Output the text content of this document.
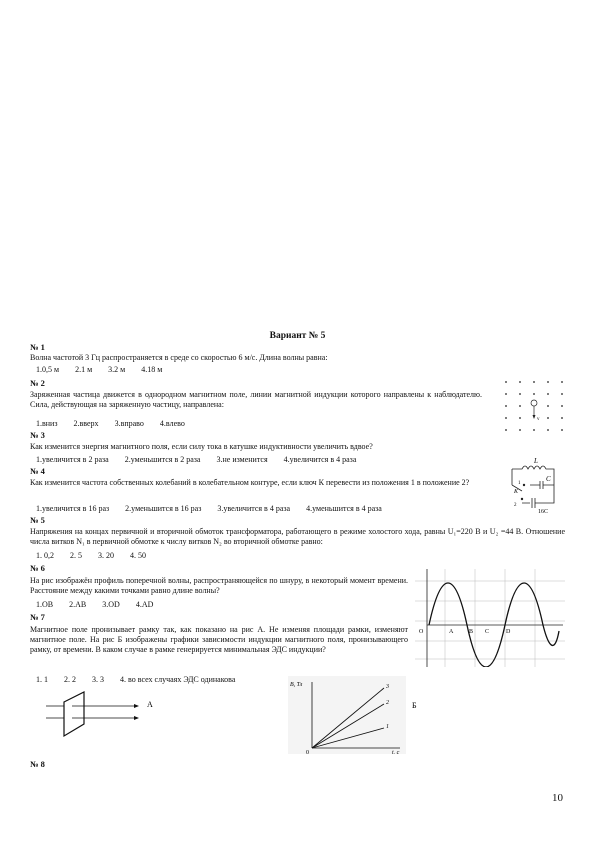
Вариант № 5
№ 1
Волна частотой 3 Гц распространяется в среде со скоростью 6 м/с. Длина волны равна:
1.0,5 м 2.1 м 3.2 м 4.18 м
№ 2
Заряженная частица движется в однородном магнитном поле, линии магнитной индукции которого направлены к наблюдателю. Сила, действующая на заряженную частицу, направлена:
1.вниз 2.вверх 3.вправо 4.влево	v
№ 3
Как изменится энергия магнитного поля, если силу тока в катушке индуктивности увеличить вдвое?
1.увеличится в 2 раза 2.уменьшится в 2 раза 3.не изменится 4.увеличится в 4 раза
№ 4
Как изменится частота собственных колебаний в колебательном контуре, если ключ К перевести из положения 1 в положение 2?
1.увеличится в 16 раз 2.уменьшится в 16 раз 3.увеличится в 4 раза 4.уменьшится в 4 раза
L
C
K
1
2
16C
№ 5
Напряжения на концах первичной и вторичной обмоток трансформатора, работающего в режиме холостого хода, равны U₁=220 В и U₂ =44 В. Отношение числа витков N₁ в первичной обмотке к числу витков N₂ во вторичной обмотке равно:
1. 0,2 2. 5 3. 20 4. 50
№ 6
На рис изображён профиль поперечной волны, распространяющейся по шнуру, в некоторый момент времени. Расстояние между какими точками равно длине волны?
1.OB 2.AB 3.OD 4.AD
O	A	B C	D
№ 7
Магнитное поле пронизывает рамку так, как показано на рис А. Не изменяя площади рамки, изменяют магнитное поле. На рис Б изображены графики зависимости индукции магнитного поля, пронизывающего рамку, от времени. В каком случае в рамке генерируется минимальная ЭДС индукции?
1. 1 2. 2 3. 3 4. во всех случаях ЭДС одинакова
А
B, Тл
t, c
0
3
2
1
Б
№ 8
10
